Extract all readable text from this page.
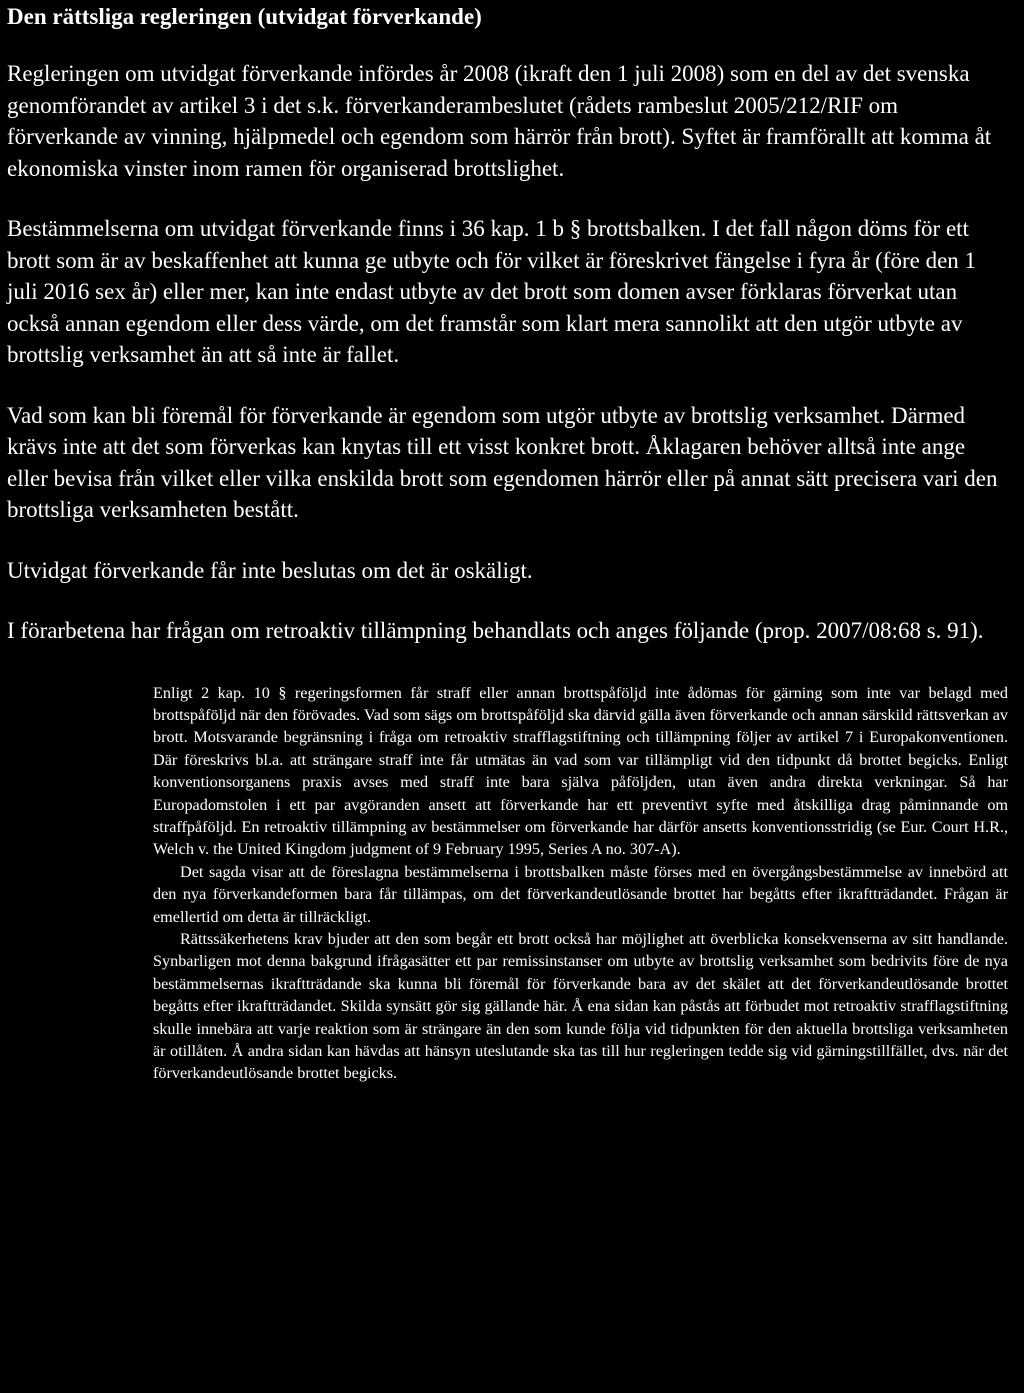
Den rättsliga regleringen (utvidgat förverkande)

Regleringen om utvidgat förverkande infördes år 2008 (ikraft den 1 juli 2008) som en del av det svenska genomförandet av artikel 3 i det s.k. förverkanderambeslutet (rådets rambeslut 2005/212/RIF om förverkande av vinning, hjälpmedel och egendom som härrör från brott). Syftet är framförallt att komma åt ekonomiska vinster inom ramen för organiserad brottslighet.

Bestämmelserna om utvidgat förverkande finns i 36 kap. 1 b § brottsbalken. I det fall någon döms för ett brott som är av beskaffenhet att kunna ge utbyte och för vilket är föreskrivet fängelse i fyra år (före den 1 juli 2016 sex år) eller mer, kan inte endast utbyte av det brott som domen avser förklaras förverkat utan också annan egendom eller dess värde, om det framstår som klart mera sannolikt att den utgör utbyte av brottslig verksamhet än att så inte är fallet.

Vad som kan bli föremål för förverkande är egendom som utgör utbyte av brottslig verksamhet. Därmed krävs inte att det som förverkas kan knytas till ett visst konkret brott. Åklagaren behöver alltså inte ange eller bevisa från vilket eller vilka enskilda brott som egendomen härrör eller på annat sätt precisera vari den brottsliga verksamheten bestått.

Utvidgat förverkande får inte beslutas om det är oskäligt.

I förarbetena har frågan om retroaktiv tillämpning behandlats och anges följande (prop. 2007/08:68 s. 91).

Enligt 2 kap. 10 § regeringsformen får straff eller annan brottspåföljd inte ådömas för gärning som inte var belagd med brottspåföljd när den förövades. Vad som sägs om brottspåföljd ska därvid gälla även förverkande och annan särskild rättsverkan av brott. Motsvarande begränsning i fråga om retroaktiv strafflagstiftning och tillämpning följer av artikel 7 i Europakonventionen. Där föreskrivs bl.a. att strängare straff inte får utmätas än vad som var tillämpligt vid den tidpunkt då brottet begicks. Enligt konventionsorganens praxis avses med straff inte bara själva påföljden, utan även andra direkta verkningar. Så har Europadomstolen i ett par avgöranden ansett att förverkande har ett preventivt syfte med åtskilliga drag påminnande om straffpåföljd. En retroaktiv tillämpning av bestämmelser om förverkande har därför ansetts konventionsstridig (se Eur. Court H.R., Welch v. the United Kingdom judgment of 9 February 1995, Series A no. 307-A).

Det sagda visar att de föreslagna bestämmelserna i brottsbalken måste förses med en övergångsbestämmelse av innebörd att den nya förverkandeformen bara får tillämpas, om det förverkandeutlösande brottet har begåtts efter ikraftträdandet. Frågan är emellertid om detta är tillräckligt.

Rättssäkerhetens krav bjuder att den som begår ett brott också har möjlighet att överblicka konsekvenserna av sitt handlande. Synbarligen mot denna bakgrund ifrågasätter ett par remissinstanser om utbyte av brottslig verksamhet som bedrivits före de nya bestämmelsernas ikraftträdande ska kunna bli föremål för förverkande bara av det skälet att det förverkandeutlösande brottet begåtts efter ikraftträdandet. Skilda synsätt gör sig gällande här. Å ena sidan kan påstås att förbudet mot retroaktiv strafflagstiftning skulle innebära att varje reaktion som är strängare än den som kunde följa vid tidpunkten för den aktuella brottsliga verksamheten är otillåten. Å andra sidan kan hävdas att hänsyn uteslutande ska tas till hur regleringen tedde sig vid gärningstillfället, dvs. när det förverkandeutlösande brottet begicks.
